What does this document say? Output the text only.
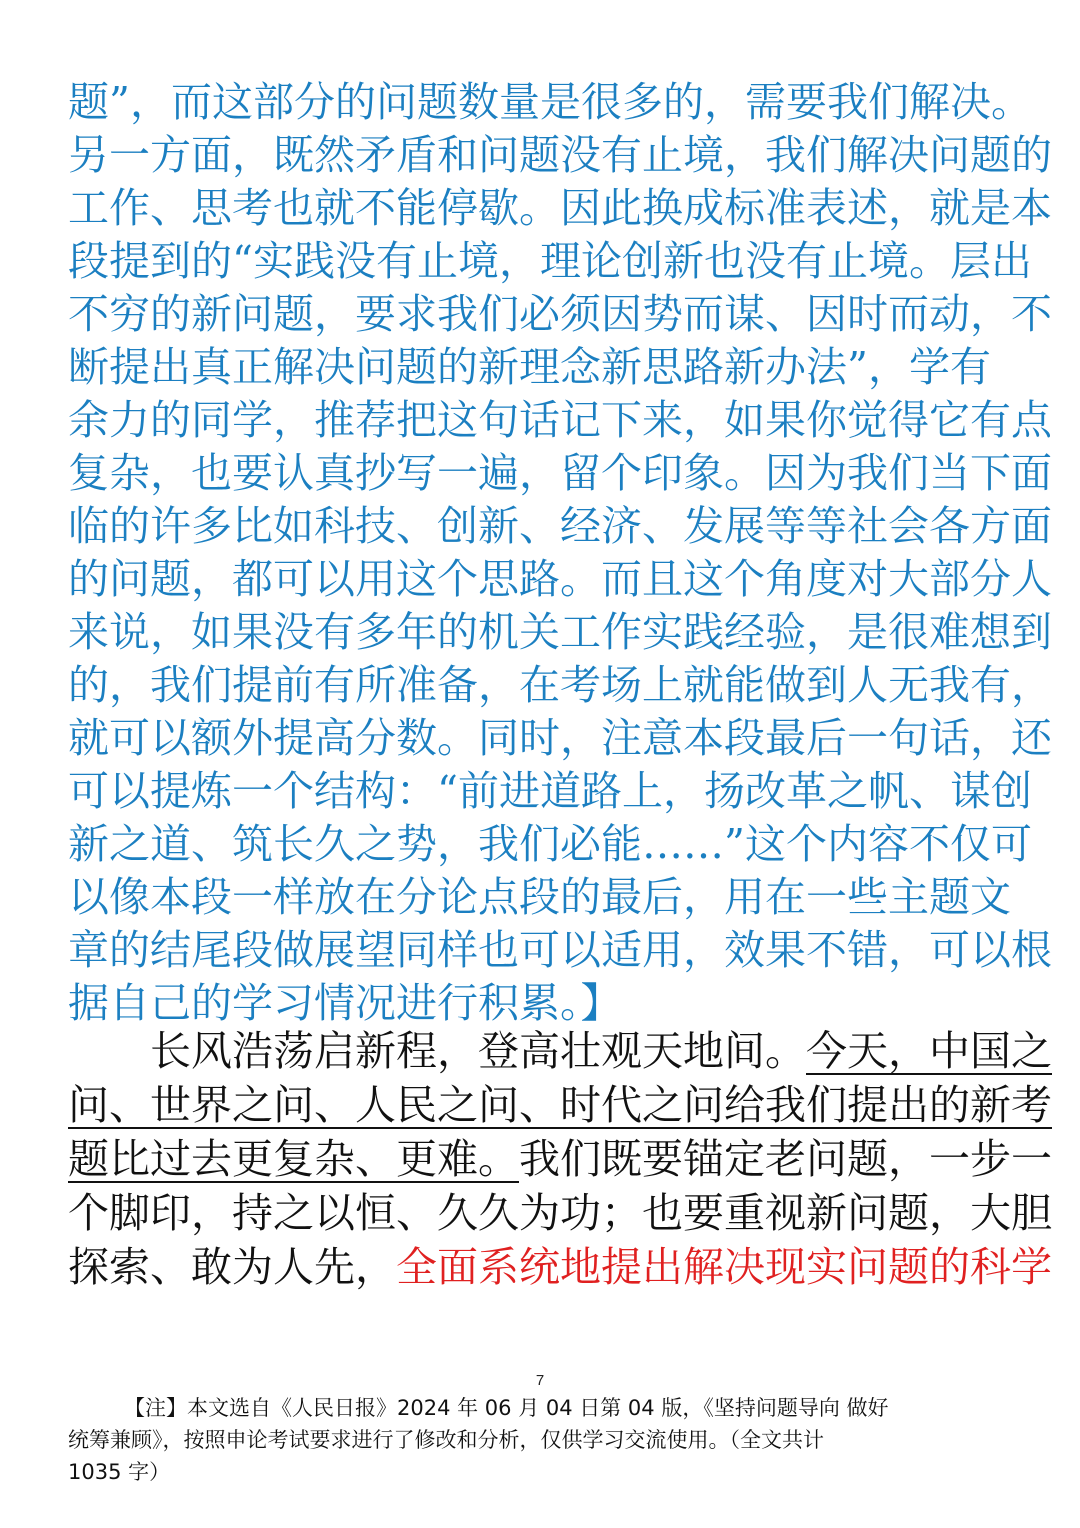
题”，而这部分的问题数量是很多的，需要我们解决。
另一方面，既然矛盾和问题没有止境，我们解决问题的
工作、思考也就不能停歇。因此换成标准表述，就是本
段提到的“实践没有止境，理论创新也没有止境。层出
不穷的新问题，要求我们必须因势而谋、因时而动，不
断提出真正解决问题的新理念新思路新办法”，学有
余力的同学，推荐把这句话记下来，如果你觉得它有点
复杂，也要认真抄写一遍，留个印象。因为我们当下面
临的许多比如科技、创新、经济、发展等等社会各方面
的问题，都可以用这个思路。而且这个角度对大部分人
来说，如果没有多年的机关工作实践经验，是很难想到
的，我们提前有所准备，在考场上就能做到人无我有，
就可以额外提高分数。同时，注意本段最后一句话，还
可以提炼一个结构：“前进道路上，扬改革之帆、谋创
新之道、筑长久之势，我们必能……”这个内容不仅可
以像本段一样放在分论点段的最后，用在一些主题文
章的结尾段做展望同样也可以适用，效果不错，可以根
据自己的学习情况进行积累。】
长风浩荡启新程，登高壮观天地间。今天，中国之
问、世界之问、人民之问、时代之问给我们提出的新考
题比过去更复杂、更难。我们既要锚定老问题，一步一
个脚印，持之以恒、久久为功；也要重视新问题，大胆
探索、敢为人先，全面系统地提出解决现实问题的科学
7
【注】本文选自《人民日报》2024 年 06 月 04 日第 04 版，《坚持问题导向 做好
统筹兼顾》，按照申论考试要求进行了修改和分析，仅供学习交流使用。（全文共计
1035 字）
